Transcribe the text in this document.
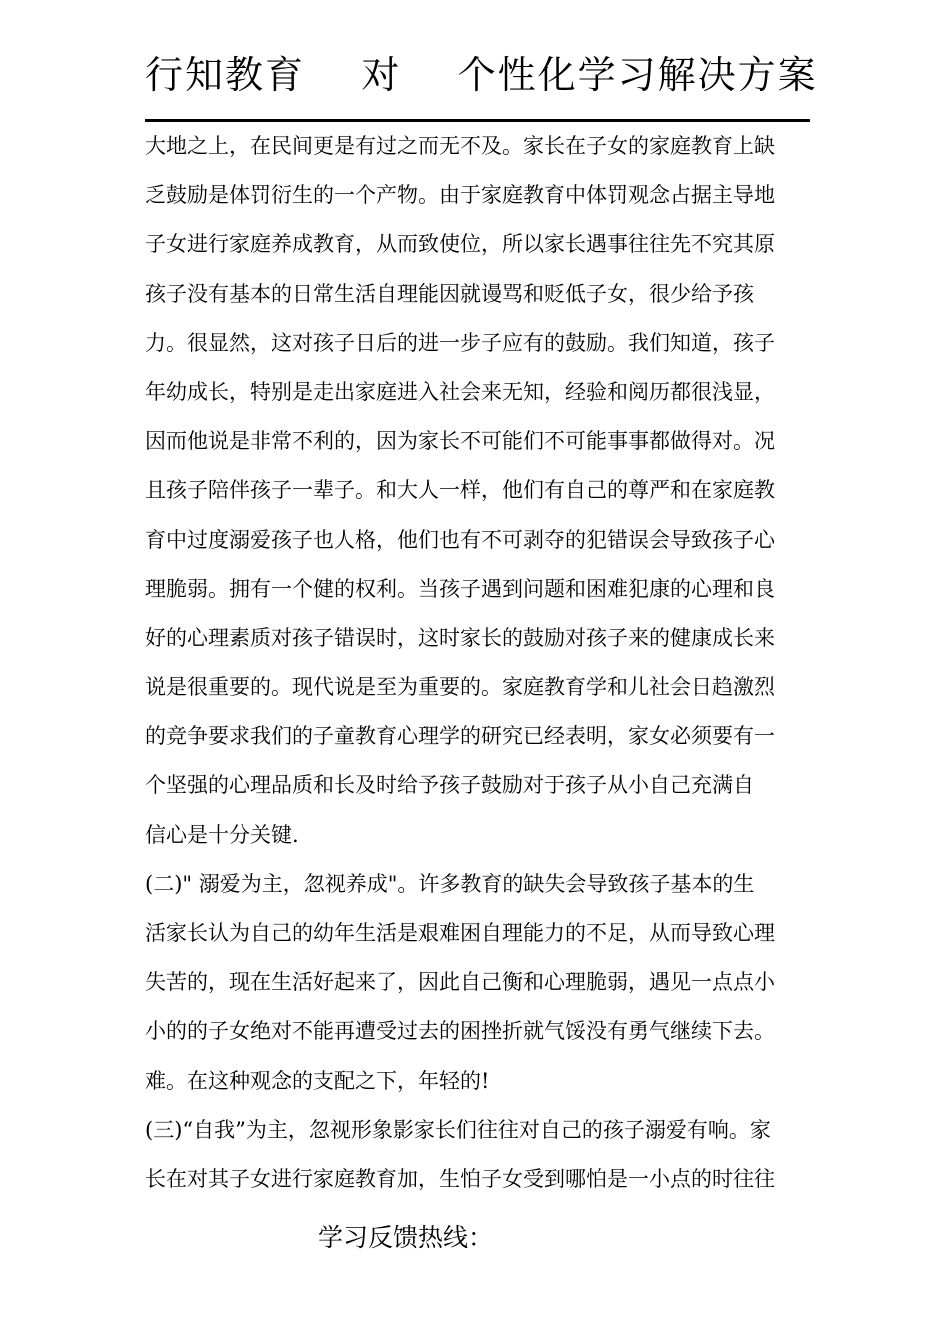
行知教育    对    个性化学习解决方案
大地之上，在民间更是有过之而无不及。家长在子女的家庭教育上缺
乏鼓励是体罚衍生的一个产物。由于家庭教育中体罚观念占据主导地
子女进行家庭养成教育，从而致使位，所以家长遇事往往先不究其原
孩子没有基本的日常生活自理能因就谩骂和贬低子女，很少给予孩
力。很显然，这对孩子日后的进一步子应有的鼓励。我们知道，孩子
年幼成长，特别是走出家庭进入社会来无知，经验和阅历都很浅显，
因而他说是非常不利的，因为家长不可能们不可能事事都做得对。况
且孩子陪伴孩子一辈子。和大人一样，他们有自己的尊严和在家庭教
育中过度溺爱孩子也人格，他们也有不可剥夺的犯错误会导致孩子心
理脆弱。拥有一个健的权利。当孩子遇到问题和困难犯康的心理和良
好的心理素质对孩子错误时，这时家长的鼓励对孩子来的健康成长来
说是很重要的。现代说是至为重要的。家庭教育学和儿社会日趋激烈
的竞争要求我们的子童教育心理学的研究已经表明，家女必须要有一
个坚强的心理品质和长及时给予孩子鼓励对于孩子从小自己充满自
信心是十分关键.
(二)" 溺爱为主，忽视养成"。许多教育的缺失会导致孩子基本的生
活家长认为自己的幼年生活是艰难困自理能力的不足，从而导致心理
失苦的，现在生活好起来了，因此自己衡和心理脆弱，遇见一点点小
小的的子女绝对不能再遭受过去的困挫折就气馁没有勇气继续下去。
难。在这种观念的支配之下，年轻的!
(三)“自我”为主，忽视形象影家长们往往对自己的孩子溺爱有响。家
长在对其子女进行家庭教育加，生怕子女受到哪怕是一小点的时往往
学习反馈热线：
